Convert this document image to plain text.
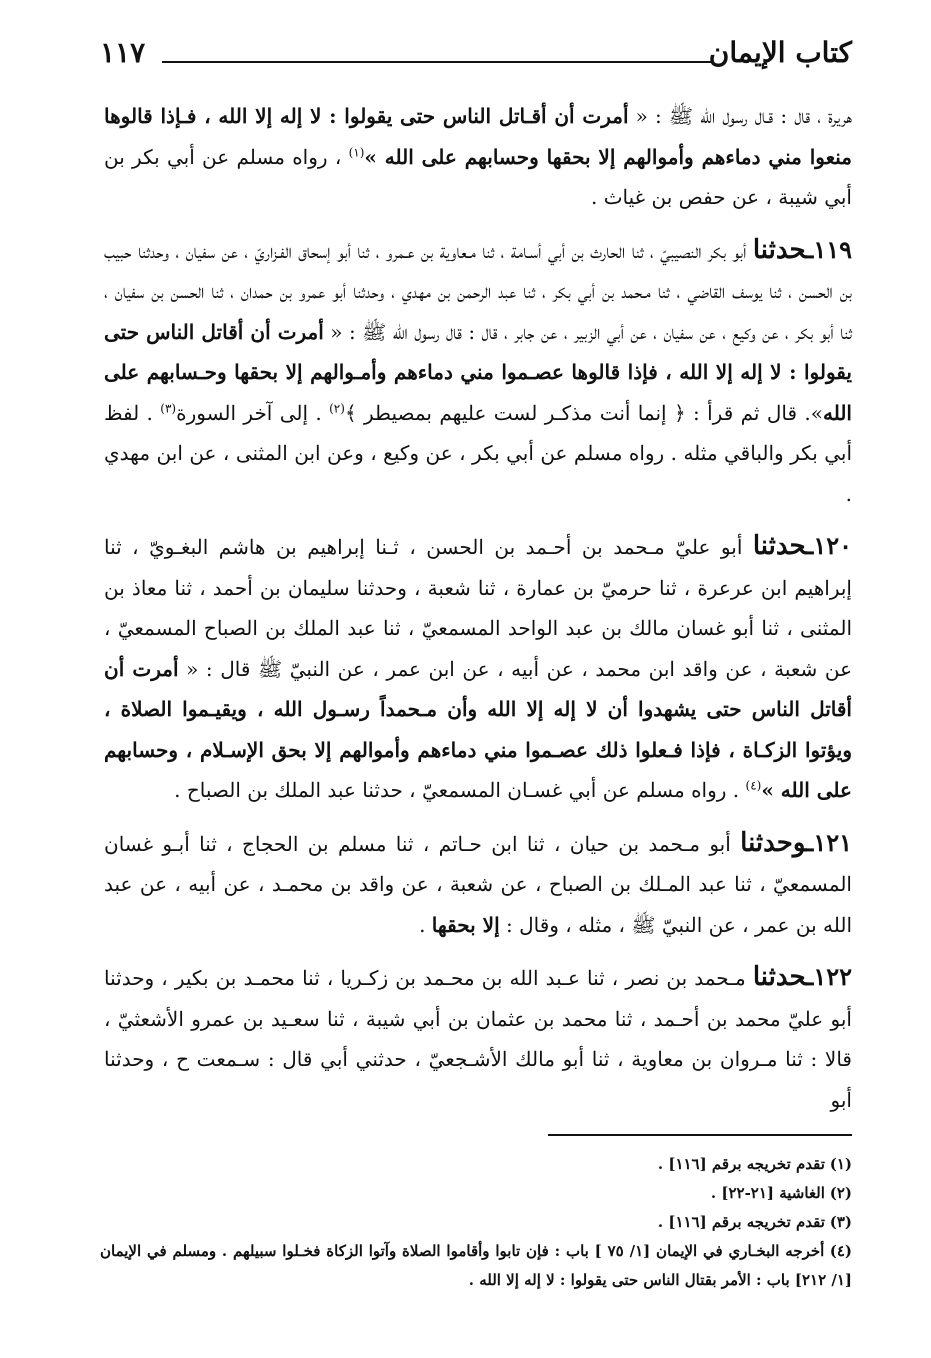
كتاب الإيمان
١١٧

هريرة ، قال : قـال رسول الله ﷺ : « أمرت أن أقـاتل الناس حتى يقولوا : لا إله إلا الله ، فـإذا قالوها منعوا مني دماءهم وأموالهم إلا بحقها وحسابهم على الله »$^{(١)}$ ، رواه مسلم عن أبي بكر بن أبي شيبة ، عن حفص بن غياث .

١١٩ـحدثنا أبو بكر النصيبيّ ، ثنا الحارث بن أبي أسـامة ، ثنا مـعاوية بن عـمرو ، ثنا أبو إسحاق الفـزاريّ ، عن سفيان ، وحدثنا حبيب بن الحسن ، ثنا يوسف القاضي ، ثنا مـحمد بن أبي بكر ، ثنا عبد الرحمن بن مهدي ، وحدثنا أبو عمرو بن حمدان ، ثنا الحسن بن سفيان ، ثنا أبو بكر ، عن وكيع ، عن سفيان ، عن أبي الزبير ، عن جابر ، قال : قال رسول الله ﷺ : « أمرت أن أقاتل الناس حتى يقولوا : لا إله إلا الله ، فإذا قالوها عصـموا مني دماءهم وأمـوالهم إلا بحقها وحـسابهم على الله». قال ثم قرأ : ﴿ إنما أنت مذكـر لست عليهم بمصيطر ﴾$^{(٢)}$ . إلى آخر السورة$^{(٣)}$ . لفظ أبي بكر والباقي مثله . رواه مسلم عن أبي بكر ، عن وكيع ، وعن ابن المثنى ، عن ابن مهدي .

١٢٠ـحدثنا أبو عليّ مـحمد بن أحـمد بن الحسن ، ثـنا إبراهيم بن هاشم البغـويّ ، ثنا إبراهيم ابن عرعرة ، ثنا حرميّ بن عمارة ، ثنا شعبة ، وحدثنا سليمان بن أحمد ، ثنا معاذ بن المثنى ، ثنا أبو غسان مالك بن عبد الواحد المسمعيّ ، ثنا عبد الملك بن الصباح المسمعيّ ، عن شعبة ، عن واقد ابن محمد ، عن أبيه ، عن ابن عمر ، عن النبيّ ﷺ قال : « أمرت أن أقاتل الناس حتى يشهدوا أن لا إله إلا الله وأن مـحمداً رسـول الله ، ويقيـموا الصلاة ، ويؤتوا الزكـاة ، فإذا فـعلوا ذلك عصـموا مني دماءهم وأموالهم إلا بحق الإسـلام ، وحسابهم على الله »$^{(٤)}$ . رواه مسلم عن أبي غسـان المسمعيّ ، حدثنا عبد الملك بن الصباح .

١٢١ـوحدثنا أبو مـحمد بن حيان ، ثنا ابن حـاتم ، ثنا مسلم بن الحجاج ، ثنا أبـو غسان المسمعيّ ، ثنا عبد المـلك بن الصباح ، عن شعبة ، عن واقد بن محمـد ، عن أبيه ، عن عبد الله بن عمر ، عن النبيّ ﷺ ، مثله ، وقال : إلا بحقها .

١٢٢ـحدثنا مـحمد بن نصر ، ثنا عـبد الله بن محـمد بن زكـريا ، ثنا محمـد بن بكير ، وحدثنا أبو عليّ محمد بن أحـمد ، ثنا محمد بن عثمان بن أبي شيبة ، ثنا سعـيد بن عمرو الأشعثيّ ، قالا : ثنا مـروان بن معاوية ، ثنا أبو مالك الأشـجعيّ ، حدثني أبي قال : سـمعت ح ، وحدثنا أبو

(١) تقدم تخريجه برقم [١١٦] .
(٢) الغاشية [٢١-٢٢] .
(٣) تقدم تخريجه برقم [١١٦] .
(٤) أخرجه البخـاري في الإيمان [١/ ٧٥ ] باب : فإن تابوا وأقاموا الصلاة وآتوا الزكاة فخـلوا سبيلهم . ومسلم في الإيمان [١/ ٢١٢] باب : الأمر بقتال الناس حتى يقولوا : لا إله إلا الله .
